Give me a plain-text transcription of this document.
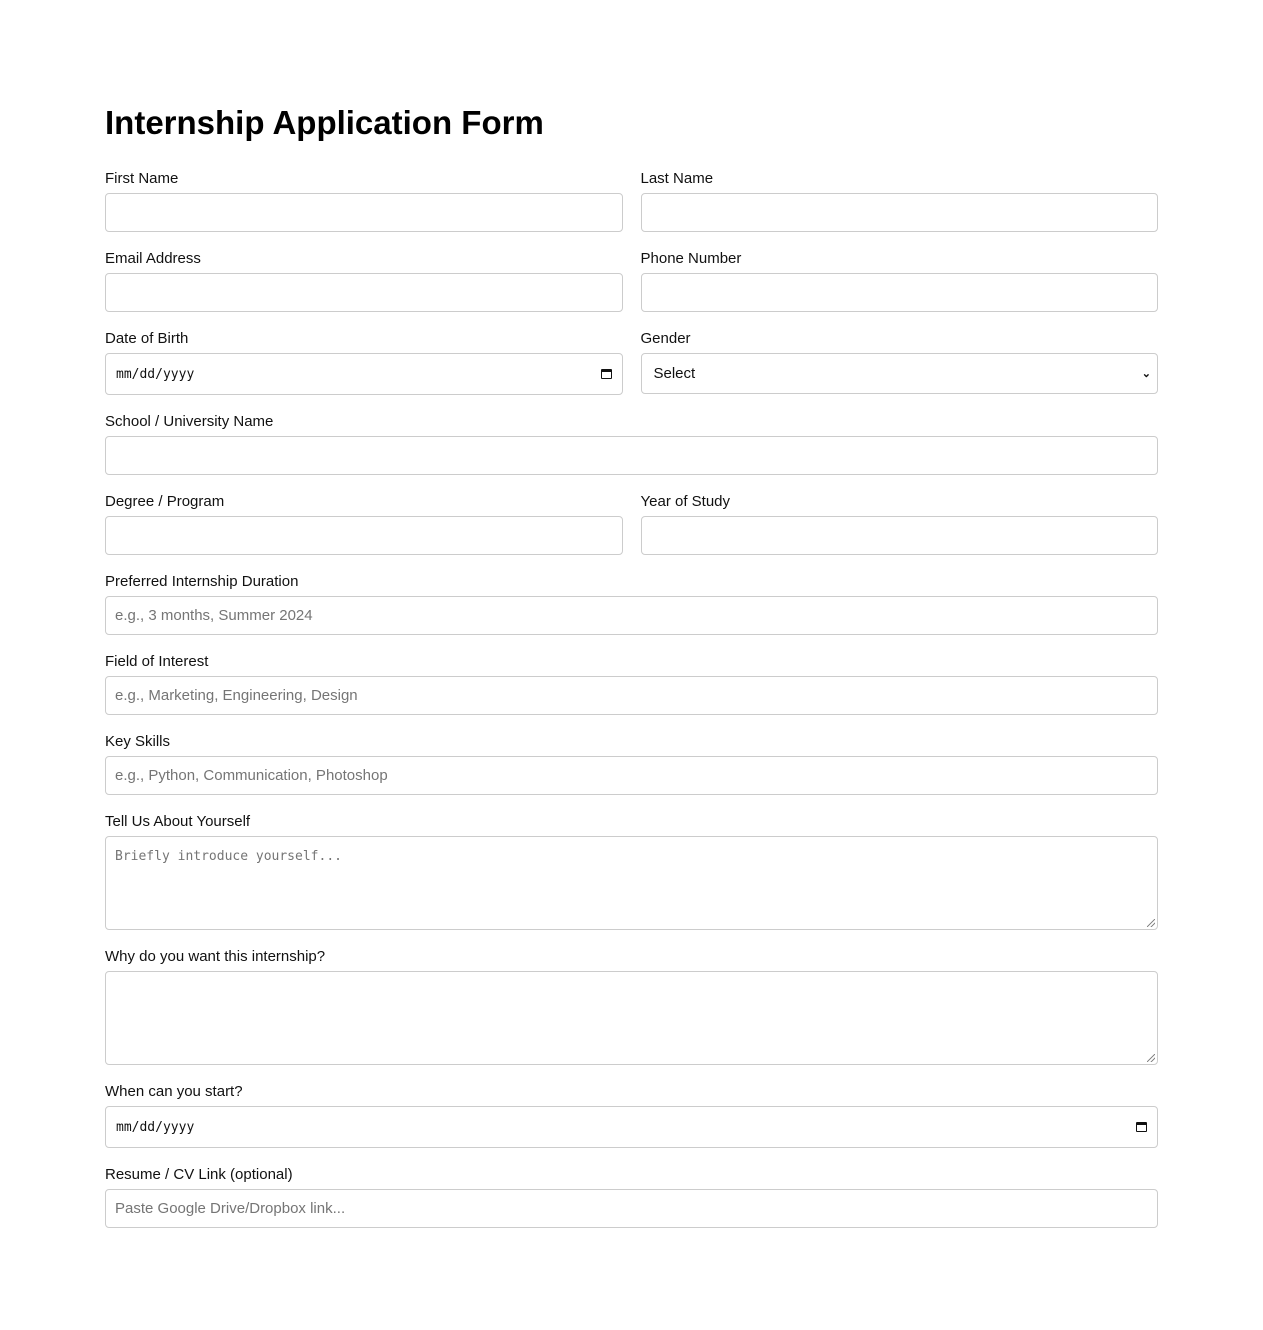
Internship Application Form
First Name	Last Name
Email Address	Phone Number
Date of Birth
mm/dd/yyyy
Gender
Select	⌄
School / University Name
Degree / Program	Year of Study
Preferred Internship Duration
e.g., 3 months, Summer 2024
Field of Interest
e.g., Marketing, Engineering, Design
Key Skills
e.g., Python, Communication, Photoshop
Tell Us About Yourself
Briefly introduce yourself...
Why do you want this internship?
When can you start?
mm/dd/yyyy
Resume / CV Link (optional)
Paste Google Drive/Dropbox link...
